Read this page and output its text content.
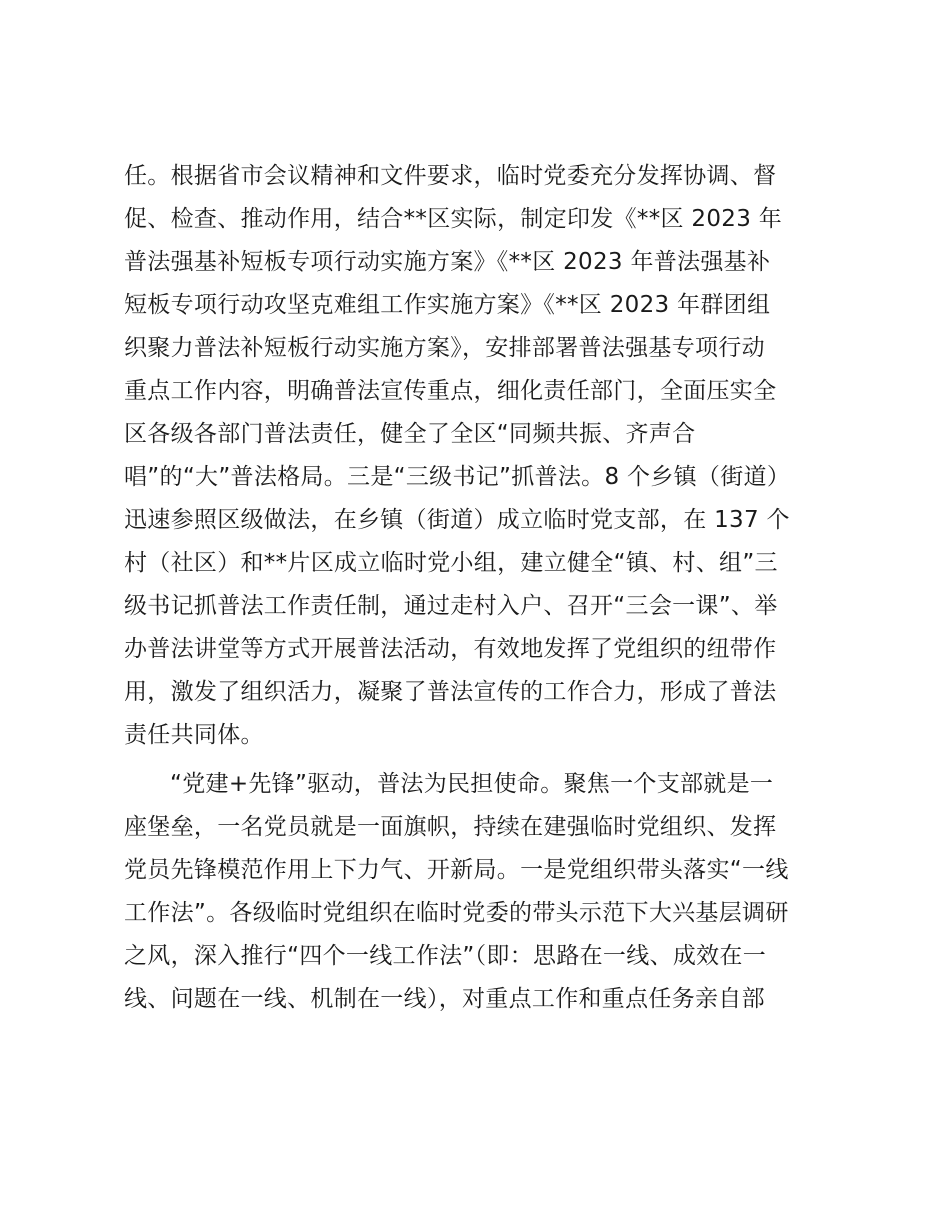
任。根据省市会议精神和文件要求，临时党委充分发挥协调、督
促、检查、推动作用，结合**区实际，制定印发《**区 2023 年
普法强基补短板专项行动实施方案》《**区 2023 年普法强基补
短板专项行动攻坚克难组工作实施方案》《**区 2023 年群团组
织聚力普法补短板行动实施方案》，安排部署普法强基专项行动
重点工作内容，明确普法宣传重点，细化责任部门，全面压实全
区各级各部门普法责任，健全了全区“同频共振、齐声合
唱”的“大”普法格局。三是“三级书记”抓普法。8 个乡镇（街道）
迅速参照区级做法，在乡镇（街道）成立临时党支部，在 137 个
村（社区）和**片区成立临时党小组，建立健全“镇、村、组”三
级书记抓普法工作责任制，通过走村入户、召开“三会一课”、举
办普法讲堂等方式开展普法活动，有效地发挥了党组织的纽带作
用，激发了组织活力，凝聚了普法宣传的工作合力，形成了普法
责任共同体。
“党建+先锋”驱动，普法为民担使命。聚焦一个支部就是一
座堡垒，一名党员就是一面旗帜，持续在建强临时党组织、发挥
党员先锋模范作用上下力气、开新局。一是党组织带头落实“一线
工作法”。各级临时党组织在临时党委的带头示范下大兴基层调研
之风，深入推行“四个一线工作法”（即：思路在一线、成效在一
线、问题在一线、机制在一线），对重点工作和重点任务亲自部
